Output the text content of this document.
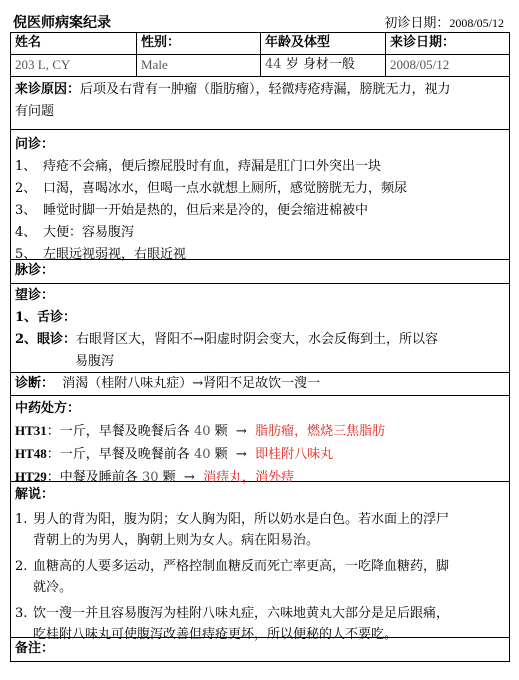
倪医师病案纪录	初诊日期：2008/05/12
姓名	性别：	年龄及体型	来诊日期：
203 L, CY	Male	44 岁 身材一般	2008/05/12
来诊原因：后项及右背有一肿瘤（脂肪瘤），轻微痔疮痔漏，膀胱无力，视力
有问题
问诊：
1、 痔疮不会痛，便后擦屁股时有血，痔漏是肛门口外突出一块
2、 口渴，喜喝冰水，但喝一点水就想上厕所，感觉膀胱无力，频尿
3、 睡觉时脚一开始是热的，但后来是冷的，便会缩进棉被中
4、 大便：容易腹泻
5、 左眼远视弱视，右眼近视
脉诊：
望诊：
1、舌诊：
2、眼诊：右眼肾区大，肾阳不→阳虚时阴会变大，水会反侮到土，所以容
易腹泻
诊断： 消渴（桂附八味丸症）→肾阳不足故饮一溲一
中药处方：
HT31：一斤，早餐及晚餐后各 40 颗 → 脂肪瘤，燃烧三焦脂肪
HT48：一斤，早餐及晚餐前各 40 颗 → 即桂附八味丸
HT29：中餐及睡前各 30 颗 → 消痔丸，消外痔
解说：
1. 男人的背为阳，腹为阴；女人胸为阳，所以奶水是白色。若水面上的浮尸
背朝上的为男人，胸朝上则为女人。病在阳易治。
2. 血糖高的人要多运动，严格控制血糖反而死亡率更高，一吃降血糖药，脚
就冷。
3. 饮一溲一并且容易腹泻为桂附八味丸症，六味地黄丸大部分是足后跟痛，
吃桂附八味丸可使腹泻改善但痔疮更坏，所以便秘的人不要吃。
备注：
